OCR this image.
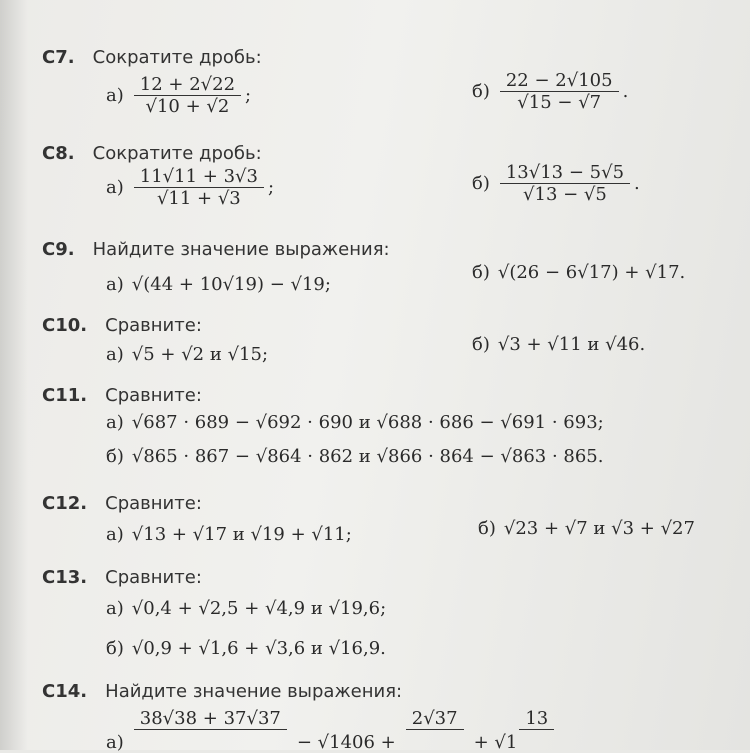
С7. Сократите дробь:
$а) \frac{12 + 2√22}{√10 + √2}$ ;	$б) \frac{22 - 2√105}{√15 - √7}$ .
С8. Сократите дробь:
$а) \frac{11√11 + 3√3}{√11 + √3}$ ;	$б) \frac{13√13 - 5√5}{√13 - √5}$ .
С9. Найдите значение выражения:
а) √(44 + 10√19) − √19;
б) √(26 − 6√17) + √17.
С10. Сравните:
а) √5 + √2 и √15;	б) √3 + √11 и √46.
С11. Сравните:
а) √687 · 689 − √692 · 690 и √688 · 686 − √691 · 693;
б) √865 · 867 − √864 · 862 и √866 · 864 − √863 · 865.
С12. Сравните:
а) √13 + √17 и √19 + √11;	б) √23 + √7 и √3 + √27
С13. Сравните:
а) √0,4 + √2,5 + √4,9 и √19,6;
б) √0,9 + √1,6 + √3,6 и √16,9.
С14. Найдите значение выражения:
а)
38√38 + 37√37

− √1406 +
2√37

+ √1
13
